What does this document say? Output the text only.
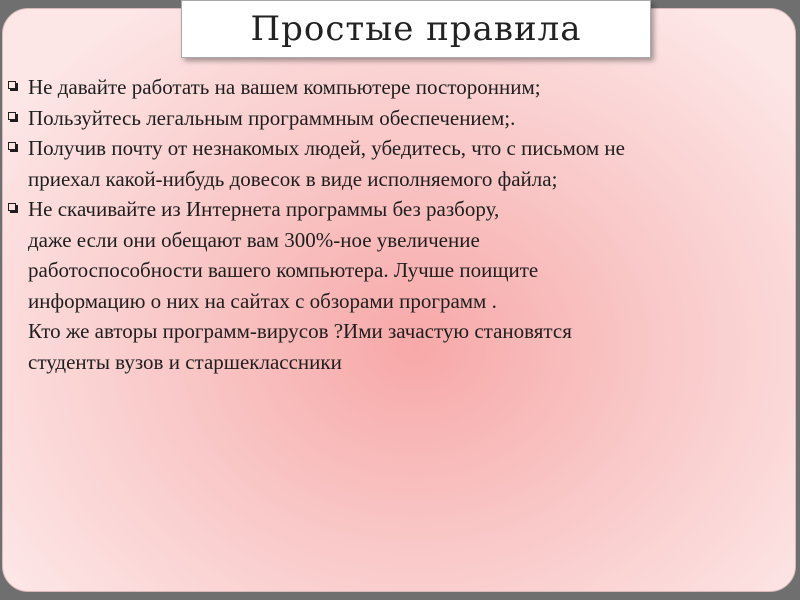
Простые правила
Не давайте работать на вашем компьютере посторонним;
Пользуйтесь легальным программным обеспечением;.
Получив почту от незнакомых людей, убедитесь, что с письмом не
приехал какой-нибудь довесок в виде исполняемого файла;
Не скачивайте из Интернета программы без разбору,
даже если они обещают вам 300%-ное увеличение
работоспособности вашего компьютера. Лучше поищите
информацию о них на сайтах с обзорами программ .
Кто же авторы программ-вирусов ?Ими зачастую становятся
студенты вузов и старшеклассники
